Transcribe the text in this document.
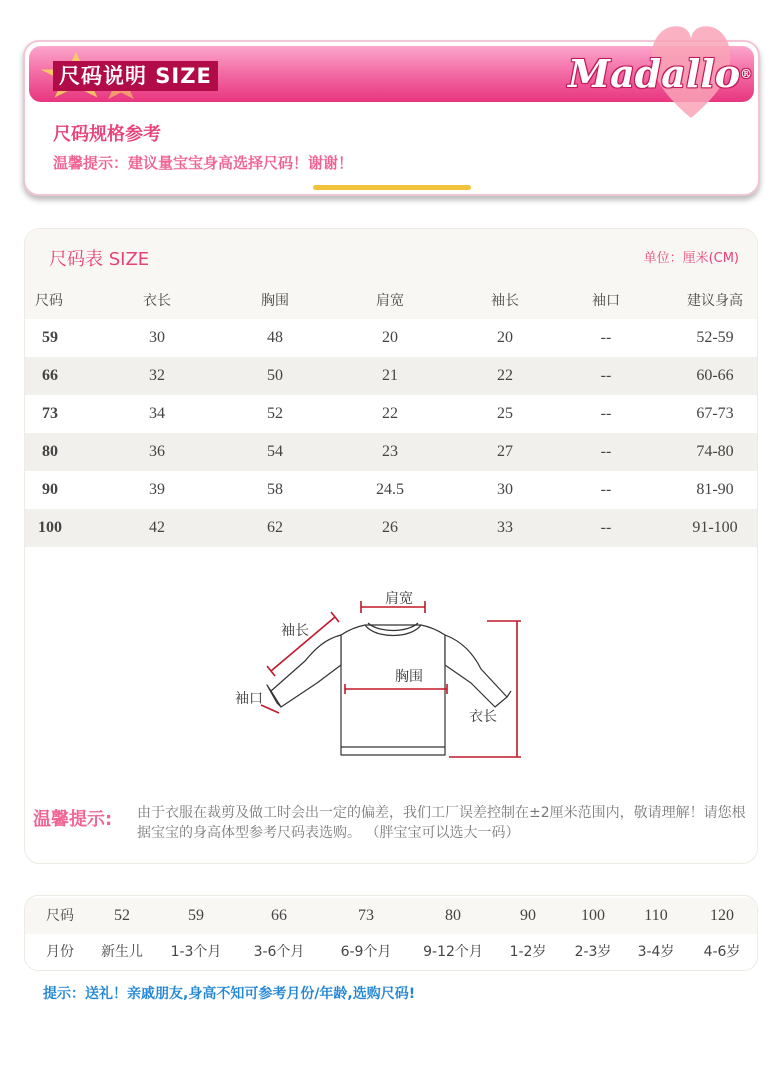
尺码说明 SIZE
尺码规格参考
温馨提示：建议量宝宝身高选择尺码！谢谢！
Madallo®
尺码表 SIZE	单位：厘米(CM)
尺码	衣长	胸围	肩宽	袖长	袖口	建议身高
59	30	48	20	20	--	52-59
66	32	50	21	22	--	60-66
73	34	52	22	25	--	67-73
80	36	54	23	27	--	74-80
90	39	58	24.5	30	--	81-90
100	42	62	26	33	--	91-100
肩宽
袖长
胸围
袖口
衣长
温馨提示: 由于衣服在裁剪及做工时会出一定的偏差，我们工厂误差控制在±2厘米范围内，敬请理解！请您根据宝宝的身高体型参考尺码表选购。 （胖宝宝可以选大一码）
尺码	52	59	66	73	80	90	100	110	120
月份	新生儿	1-3个月	3-6个月	6-9个月	9-12个月	1-2岁	2-3岁	3-4岁	4-6岁
提示：送礼！亲戚朋友,身高不知可参考月份/年龄,选购尺码!
